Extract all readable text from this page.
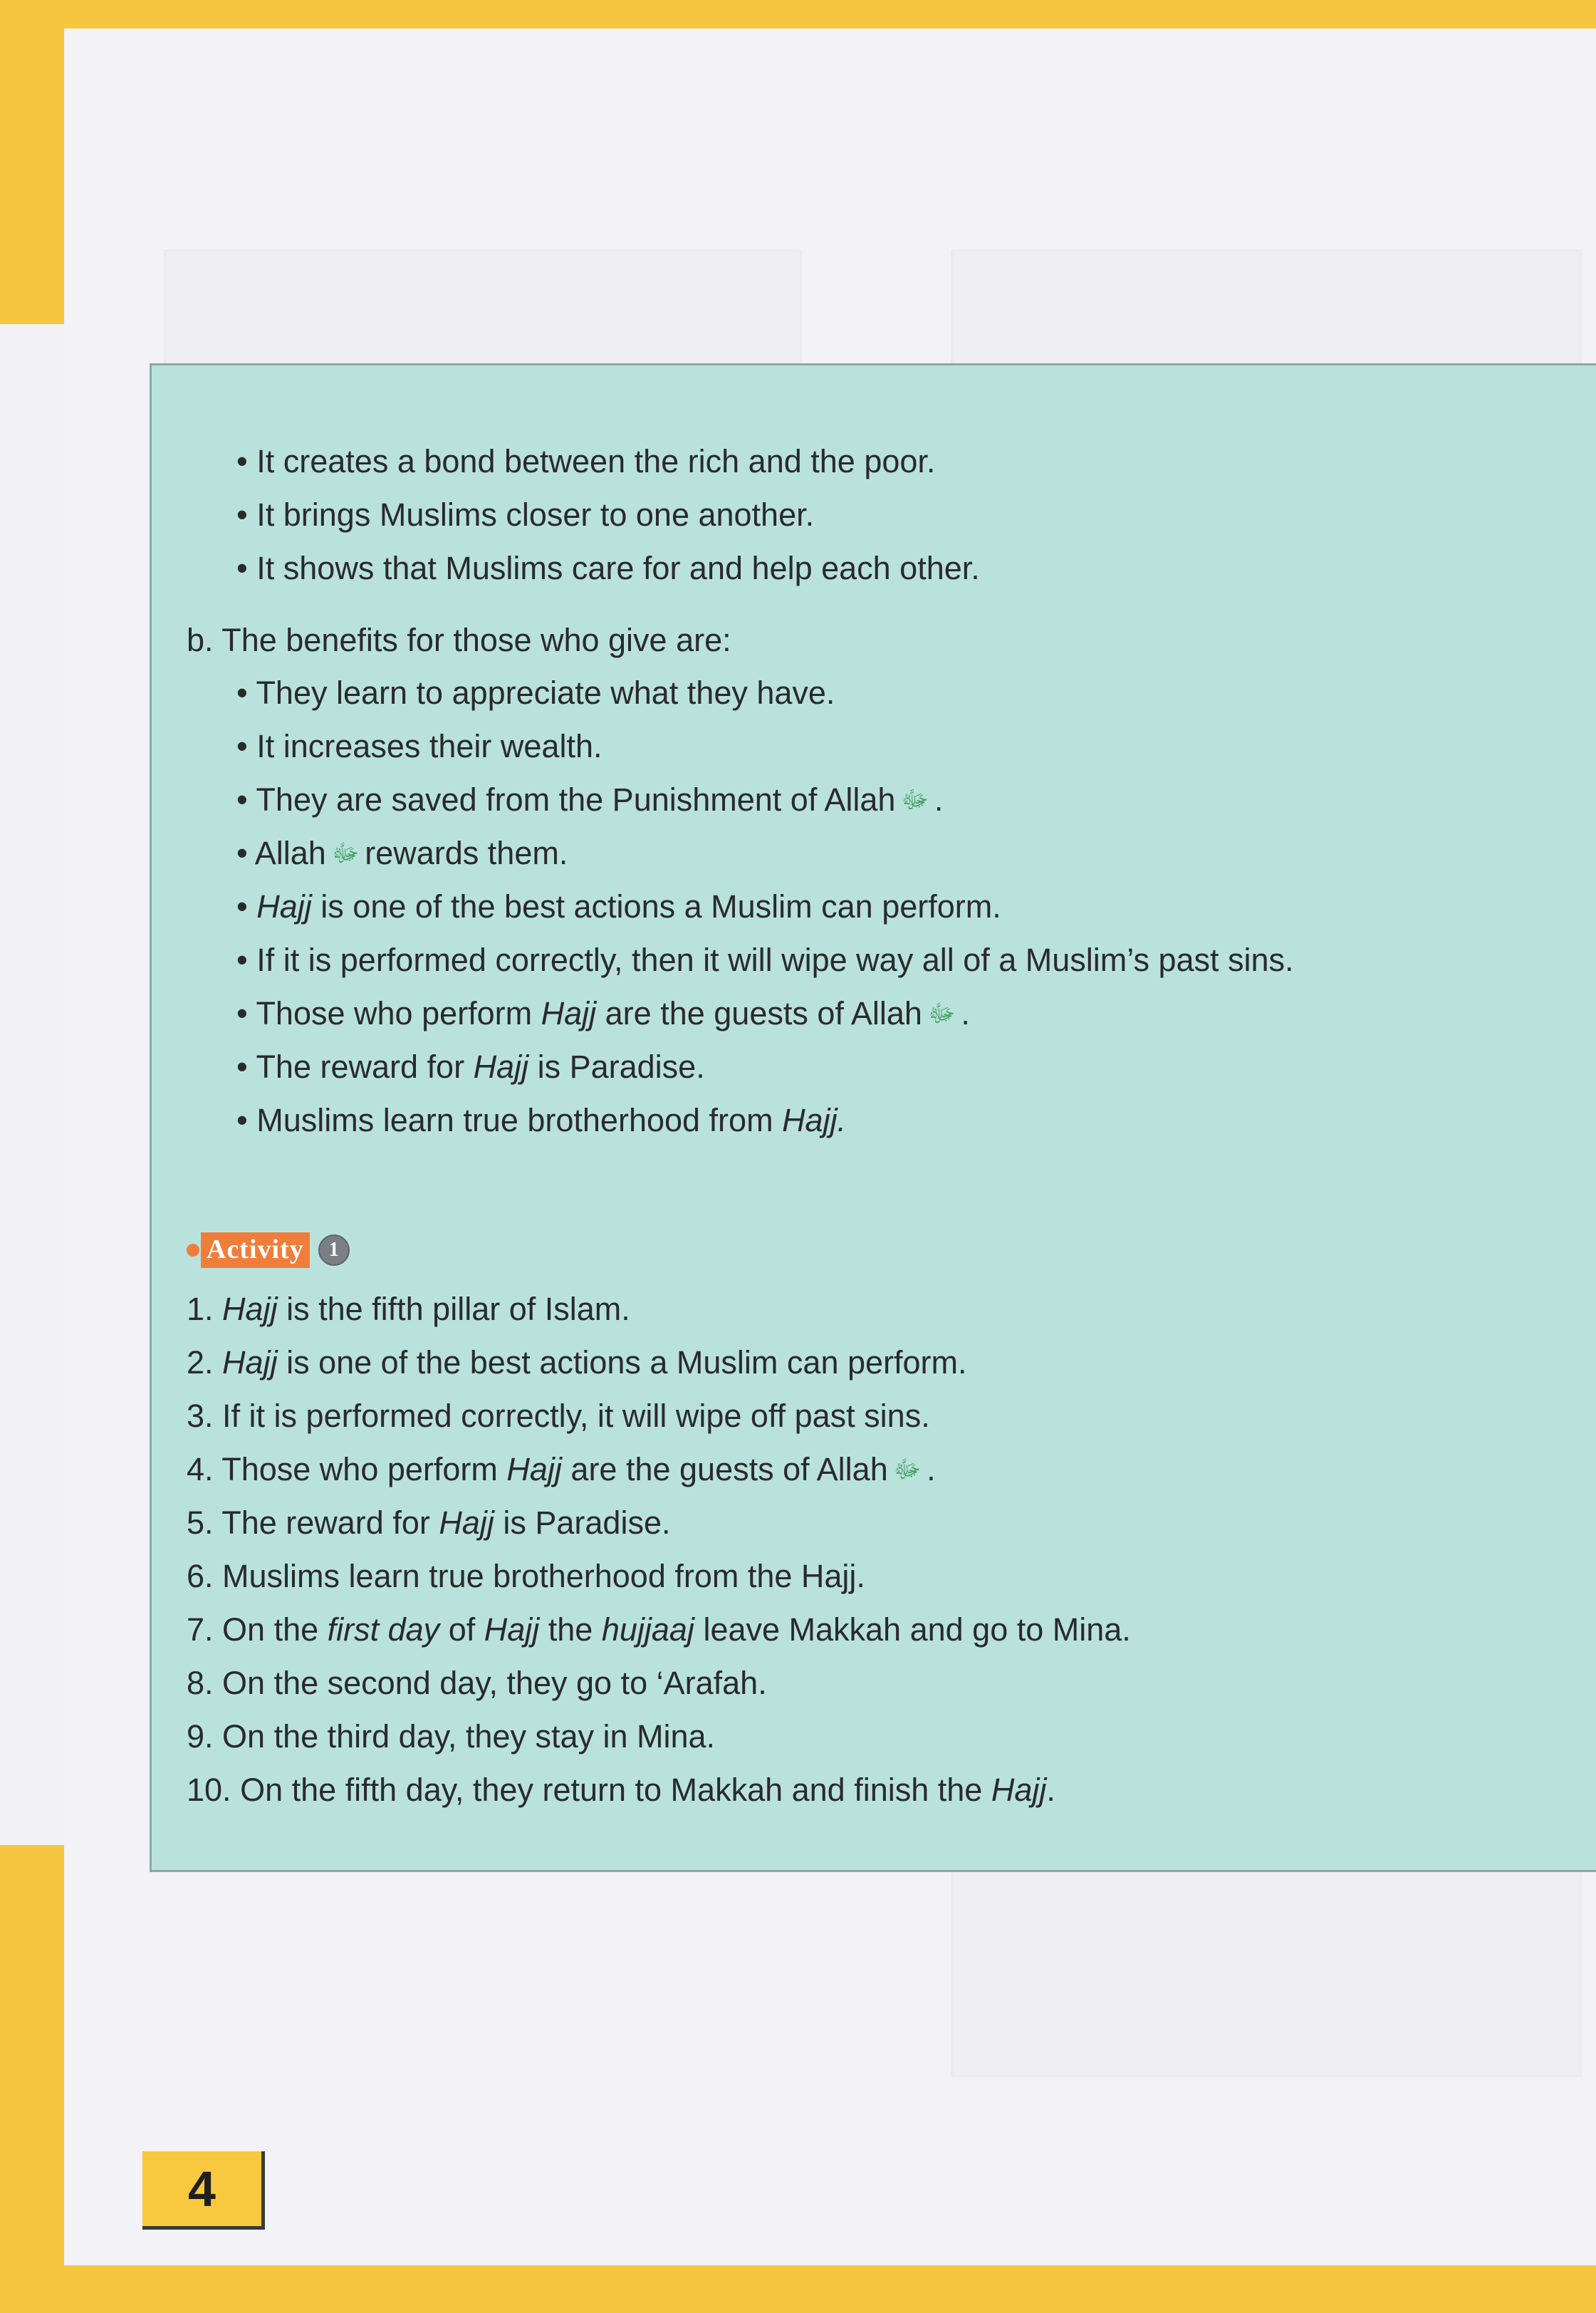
• It creates a bond between the rich and the poor.
• It brings Muslims closer to one another.
• It shows that Muslims care for and help each other.
b. The benefits for those who give are:
• They learn to appreciate what they have.
• It increases their wealth.
• They are saved from the Punishment of Allah ﷻ .
• Allah ﷻ rewards them.
• Hajj is one of the best actions a Muslim can perform.
• If it is performed correctly, then it will wipe way all of a Muslim’s past sins.
• Those who perform Hajj are the guests of Allah ﷻ .
• The reward for Hajj is Paradise.
• Muslims learn true brotherhood from Hajj.
Activity	1
1. Hajj is the fifth pillar of Islam.
2. Hajj is one of the best actions a Muslim can perform.
3. If it is performed correctly, it will wipe off past sins.
4. Those who perform Hajj are the guests of Allah ﷻ .
5. The reward for Hajj is Paradise.
6. Muslims learn true brotherhood from the Hajj.
7. On the first day of Hajj the hujjaaj leave Makkah and go to Mina.
8. On the second day, they go to ‘Arafah.
9. On the third day, they stay in Mina.
10. On the fifth day, they return to Makkah and finish the Hajj.
4
